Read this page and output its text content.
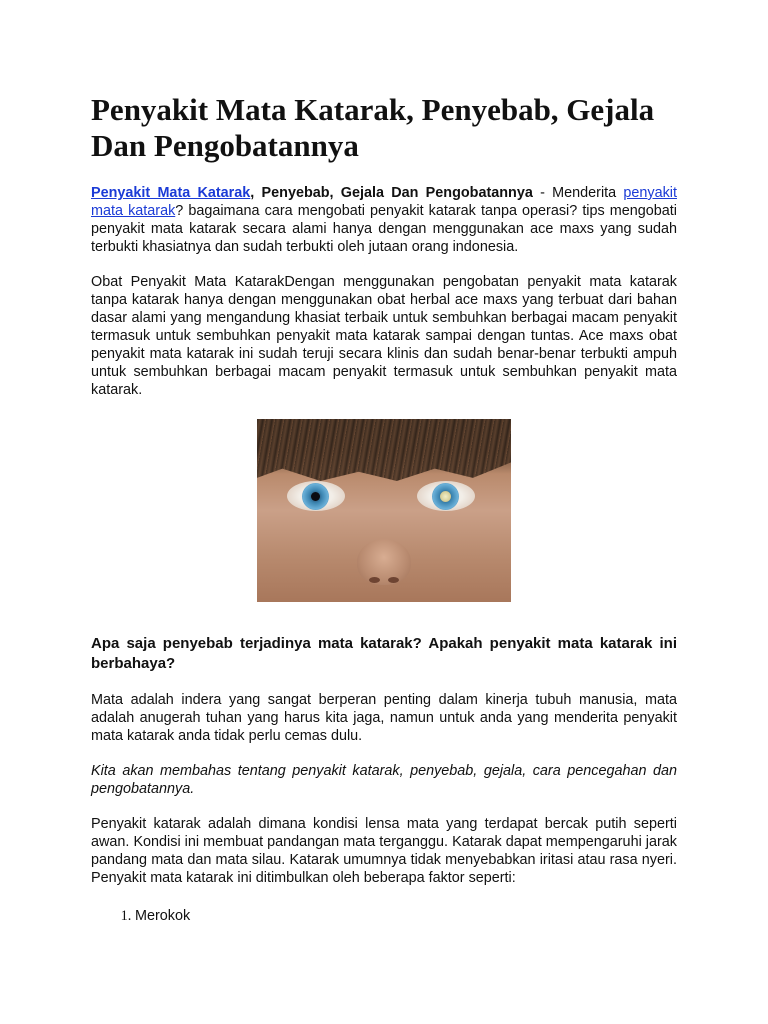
Penyakit Mata Katarak, Penyebab, Gejala Dan Pengobatannya

Penyakit Mata Katarak, Penyebab, Gejala Dan Pengobatannya - Menderita penyakit mata katarak? bagaimana cara mengobati penyakit katarak tanpa operasi? tips mengobati penyakit mata katarak secara alami hanya dengan menggunakan ace maxs yang sudah terbukti khasiatnya dan sudah terbukti oleh jutaan orang indonesia.

Obat Penyakit Mata KatarakDengan menggunakan pengobatan penyakit mata katarak tanpa katarak hanya dengan menggunakan obat herbal ace maxs yang terbuat dari bahan dasar alami yang mengandung khasiat terbaik untuk sembuhkan berbagai macam penyakit termasuk untuk sembuhkan penyakit mata katarak sampai dengan tuntas. Ace maxs obat penyakit mata katarak ini sudah teruji secara klinis dan sudah benar-benar terbukti ampuh untuk sembuhkan berbagai macam penyakit termasuk untuk sembuhkan penyakit mata katarak.

Apa saja penyebab terjadinya mata katarak? Apakah penyakit mata katarak ini berbahaya?

Mata adalah indera yang sangat berperan penting dalam kinerja tubuh manusia, mata adalah anugerah tuhan yang harus kita jaga, namun untuk anda yang menderita penyakit mata katarak anda tidak perlu cemas dulu.

Kita akan membahas tentang penyakit katarak, penyebab, gejala, cara pencegahan dan pengobatannya.

Penyakit katarak adalah dimana kondisi lensa mata yang terdapat bercak putih seperti awan. Kondisi ini membuat pandangan mata terganggu. Katarak dapat mempengaruhi jarak pandang mata dan mata silau. Katarak umumnya tidak menyebabkan iritasi atau rasa nyeri. Penyakit mata katarak ini ditimbulkan oleh beberapa faktor seperti:

1. Merokok
